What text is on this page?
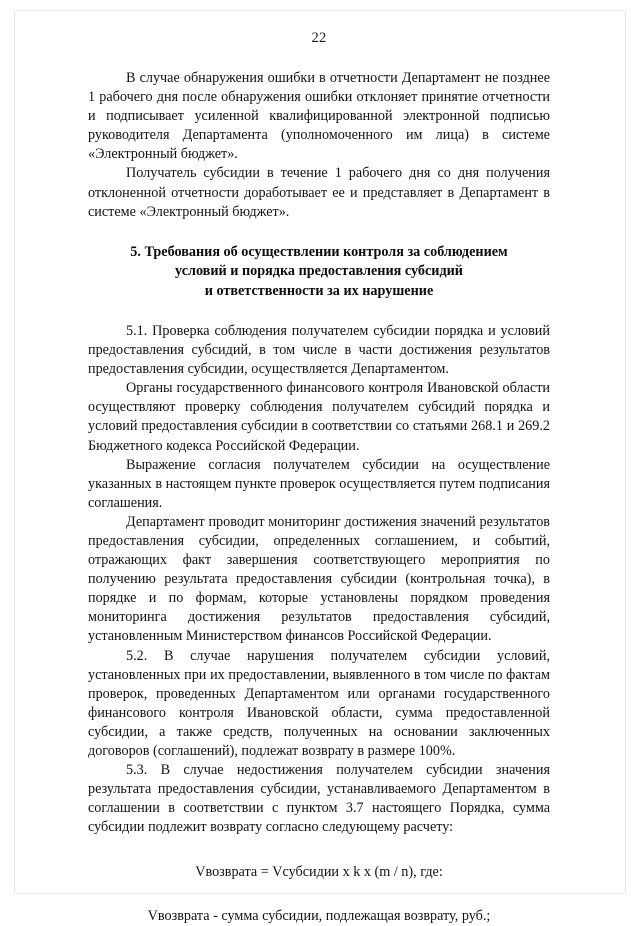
22

В случае обнаружения ошибки в отчетности Департамент не позднее 1 рабочего дня после обнаружения ошибки отклоняет принятие отчетности и подписывает усиленной квалифицированной электронной подписью руководителя Департамента (уполномоченного им лица) в системе «Электронный бюджет».

Получатель субсидии в течение 1 рабочего дня со дня получения отклоненной отчетности доработывает ее и представляет в Департамент в системе «Электронный бюджет».

5. Требования об осуществлении контроля за соблюдением
условий и порядка предоставления субсидий
и ответственности за их нарушение

5.1. Проверка соблюдения получателем субсидии порядка и условий предоставления субсидий, в том числе в части достижения результатов предоставления субсидии, осуществляется Департаментом.

Органы государственного финансового контроля Ивановской области осуществляют проверку соблюдения получателем субсидий порядка и условий предоставления субсидии в соответствии со статьями 268.1 и 269.2 Бюджетного кодекса Российской Федерации.

Выражение согласия получателем субсидии на осуществление указанных в настоящем пункте проверок осуществляется путем подписания соглашения.

Департамент проводит мониторинг достижения значений результатов предоставления субсидии, определенных соглашением, и событий, отражающих факт завершения соответствующего мероприятия по получению результата предоставления субсидии (контрольная точка), в порядке и по формам, которые установлены порядком проведения мониторинга достижения результатов предоставления субсидий, установленным Министерством финансов Российской Федерации.

5.2. В случае нарушения получателем субсидии условий, установленных при их предоставлении, выявленного в том числе по фактам проверок, проведенных Департаментом или органами государственного финансового контроля Ивановской области, сумма предоставленной субсидии, а также средств, полученных на основании заключенных договоров (соглашений), подлежат возврату в размере 100%.

5.3. В случае недостижения получателем субсидии значения результата предоставления субсидии, устанавливаемого Департаментом в соглашении в соответствии с пунктом 3.7 настоящего Порядка, сумма субсидии подлежит возврату согласно следующему расчету:

Vвозврата = Vсубсидии х k х (m / n), где:

Vвозврата - сумма субсидии, подлежащая возврату, руб.;
